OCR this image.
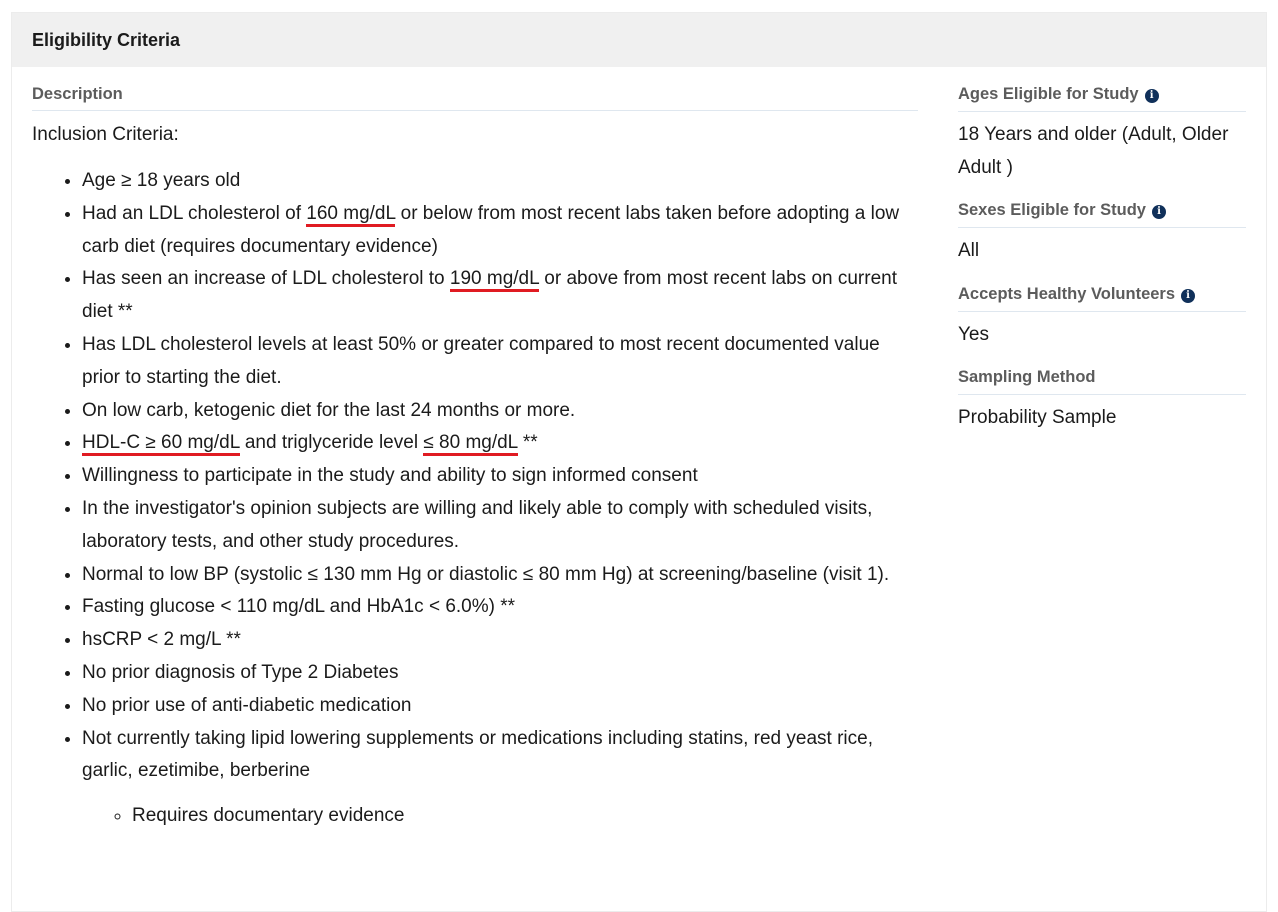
Eligibility Criteria
Description

Inclusion Criteria:

• Age ≥ 18 years old
• Had an LDL cholesterol of 160 mg/dL or below from most recent labs taken before adopting a low carb diet (requires documentary evidence)
• Has seen an increase of LDL cholesterol to 190 mg/dL or above from most recent labs on current diet **
• Has LDL cholesterol levels at least 50% or greater compared to most recent documented value prior to starting the diet.
• On low carb, ketogenic diet for the last 24 months or more.
• HDL-C ≥ 60 mg/dL and triglyceride level ≤ 80 mg/dL **
• Willingness to participate in the study and ability to sign informed consent
• In the investigator's opinion subjects are willing and likely able to comply with scheduled visits, laboratory tests, and other study procedures.
• Normal to low BP (systolic ≤ 130 mm Hg or diastolic ≤ 80 mm Hg) at screening/baseline (visit 1).
• Fasting glucose < 110 mg/dL and HbA1c < 6.0%) **
• hsCRP < 2 mg/L **
• No prior diagnosis of Type 2 Diabetes
• No prior use of anti-diabetic medication
• Not currently taking lipid lowering supplements or medications including statins, red yeast rice, garlic, ezetimibe, berberine
◦ Requires documentary evidence
Ages Eligible for Study i
18 Years and older (Adult, Older Adult )
Sexes Eligible for Study i
All
Accepts Healthy Volunteers i
Yes
Sampling Method
Probability Sample
